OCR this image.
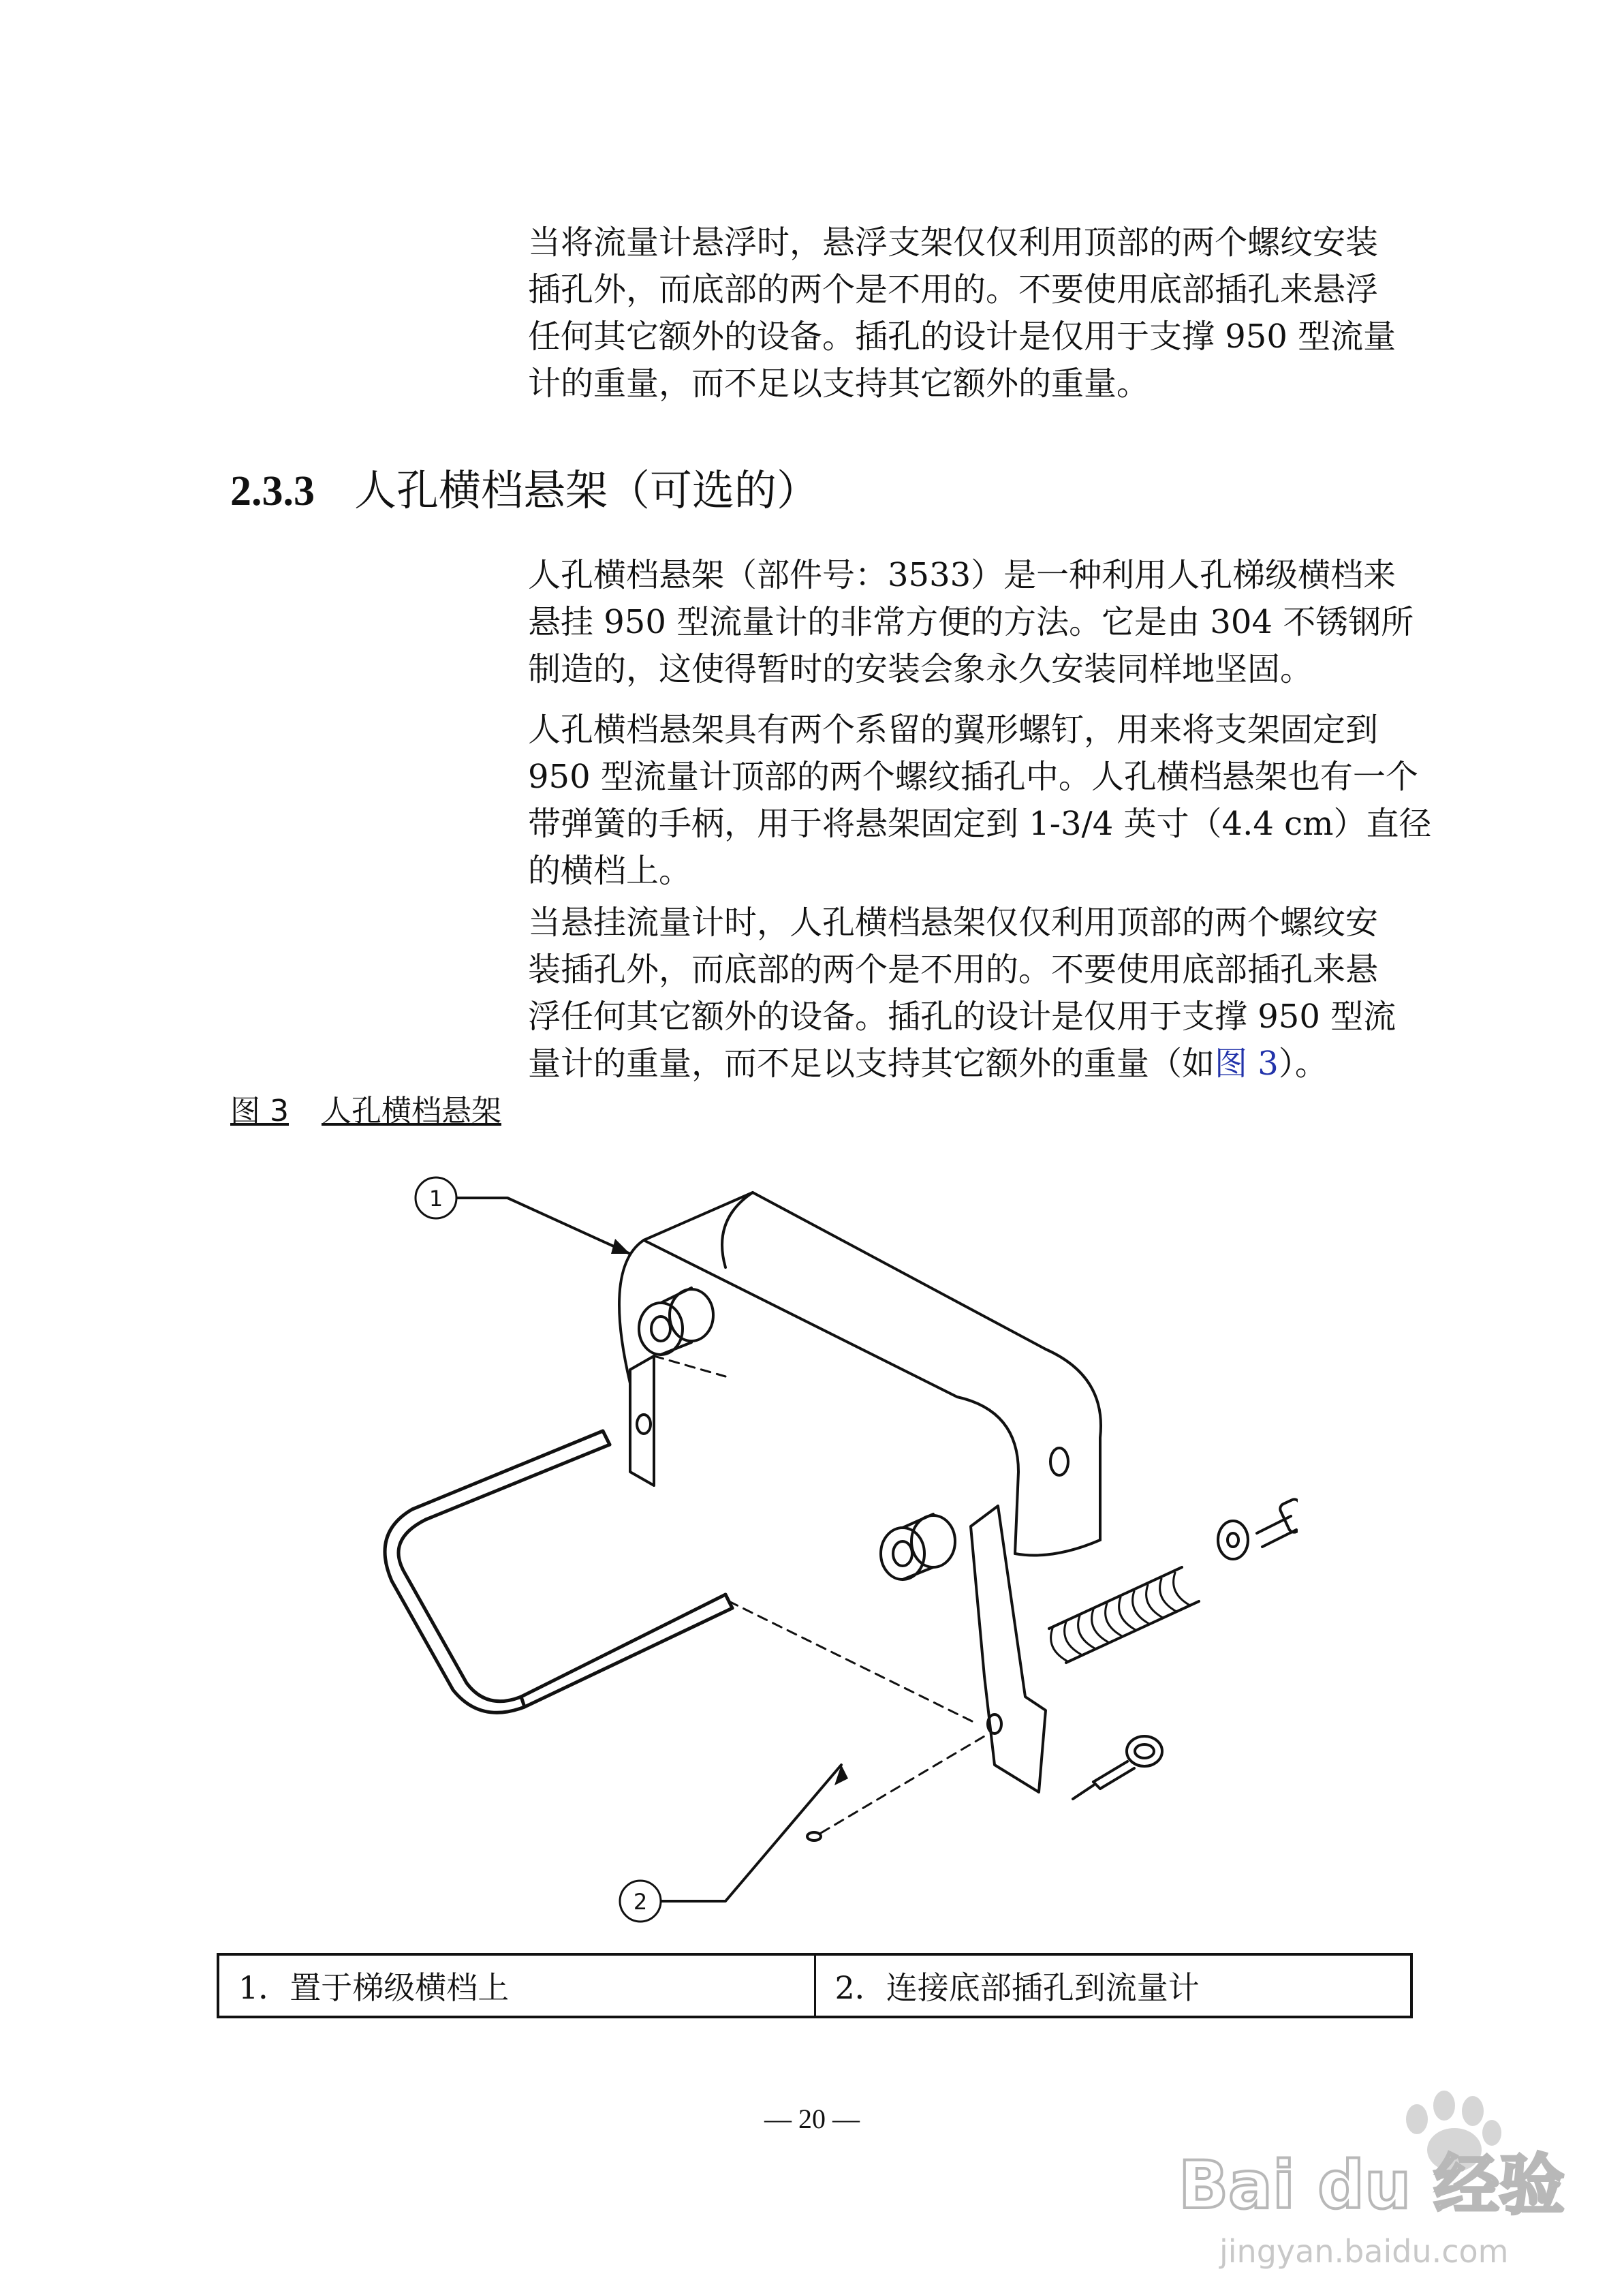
当将流量计悬浮时，悬浮支架仅仅利用顶部的两个螺纹安装
插孔外，而底部的两个是不用的。不要使用底部插孔来悬浮
任何其它额外的设备。插孔的设计是仅用于支撑 950 型流量
计的重量，而不足以支持其它额外的重量。

2.3.3 人孔横档悬架（可选的）

人孔横档悬架（部件号：3533）是一种利用人孔梯级横档来
悬挂 950 型流量计的非常方便的方法。它是由 304 不锈钢所
制造的，这使得暂时的安装会象永久安装同样地坚固。

人孔横档悬架具有两个系留的翼形螺钉，用来将支架固定到
950 型流量计顶部的两个螺纹插孔中。人孔横档悬架也有一个
带弹簧的手柄，用于将悬架固定到 1-3/4 英寸（4.4 cm）直径
的横档上。

当悬挂流量计时，人孔横档悬架仅仅利用顶部的两个螺纹安
装插孔外，而底部的两个是不用的。不要使用底部插孔来悬
浮任何其它额外的设备。插孔的设计是仅用于支撑 950 型流
量计的重量，而不足以支持其它额外的重量（如图 3）。

图 3 人孔横档悬架

1
2
1．置于梯级横档上	2．连接底部插孔到流量计

— 20 —

Bai du 经验
jingyan.baidu.com
